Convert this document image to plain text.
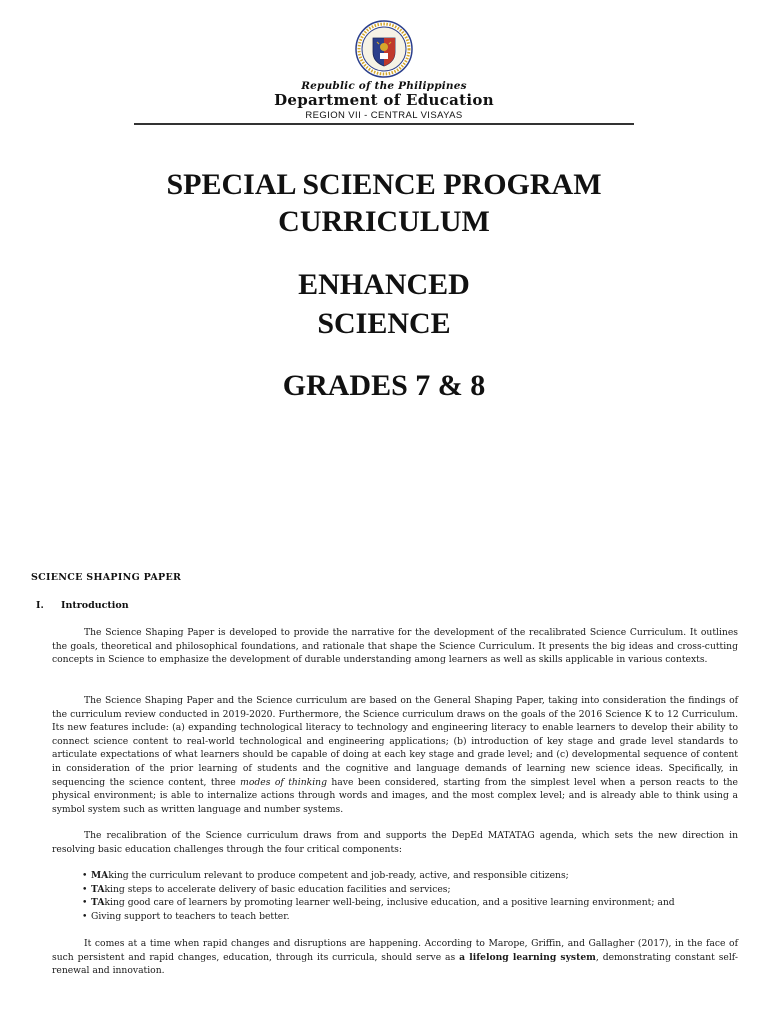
Republic of the Philippines
Department of Education
REGION VII - CENTRAL VISAYAS
SPECIAL SCIENCE PROGRAM
CURRICULUM
ENHANCED
SCIENCE
GRADES 7 & 8
SCIENCE SHAPING PAPER
I. Introduction
The Science Shaping Paper is developed to provide the narrative for the development of the recalibrated Science Curriculum. It outlines the goals, theoretical and philosophical foundations, and rationale that shape the Science Curriculum. It presents the big ideas and cross-cutting concepts in Science to emphasize the development of durable understanding among learners as well as skills applicable in various contexts.
The Science Shaping Paper and the Science curriculum are based on the General Shaping Paper, taking into consideration the findings of the curriculum review conducted in 2019-2020. Furthermore, the Science curriculum draws on the goals of the 2016 Science K to 12 Curriculum. Its new features include: (a) expanding technological literacy to technology and engineering literacy to enable learners to develop their ability to connect science content to real-world technological and engineering applications; (b) introduction of key stage and grade level standards to articulate expectations of what learners should be capable of doing at each key stage and grade level; and (c) developmental sequence of content in consideration of the prior learning of students and the cognitive and language demands of learning new science ideas. Specifically, in sequencing the science content, three modes of thinking have been considered, starting from the simplest level when a person reacts to the physical environment; is able to internalize actions through words and images, and the most complex level; and is already able to think using a symbol system such as written language and number systems.
The recalibration of the Science curriculum draws from and supports the DepEd MATATAG agenda, which sets the new direction in resolving basic education challenges through the four critical components:
• MAking the curriculum relevant to produce competent and job-ready, active, and responsible citizens;
• TAking steps to accelerate delivery of basic education facilities and services;
• TAking good care of learners by promoting learner well-being, inclusive education, and a positive learning environment; and
• Giving support to teachers to teach better.
It comes at a time when rapid changes and disruptions are happening. According to Marope, Griffin, and Gallagher (2017), in the face of such persistent and rapid changes, education, through its curricula, should serve as a lifelong learning system, demonstrating constant self- renewal and innovation.
